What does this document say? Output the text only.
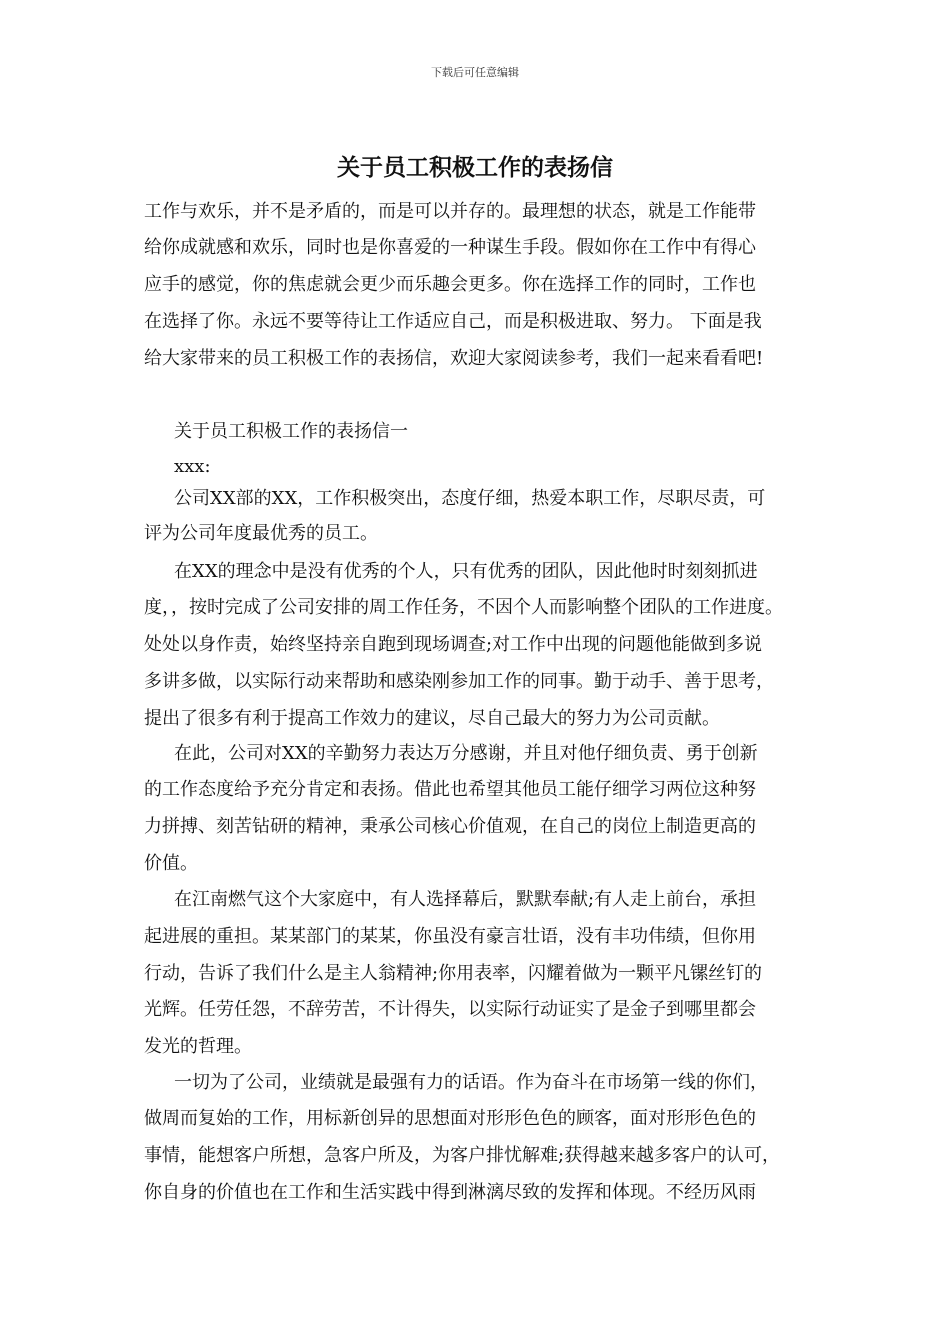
下载后可任意编辑
关于员工积极工作的表扬信
工作与欢乐，并不是矛盾的，而是可以并存的。最理想的状态，就是工作能带
给你成就感和欢乐，同时也是你喜爱的一种谋生手段。假如你在工作中有得心
应手的感觉，你的焦虑就会更少而乐趣会更多。你在选择工作的同时，工作也
在选择了你。永远不要等待让工作适应自己，而是积极进取、努力。 下面是我
给大家带来的员工积极工作的表扬信，欢迎大家阅读参考，我们一起来看看吧!
关于员工积极工作的表扬信一
xxx:
公司XX部的XX，工作积极突出，态度仔细，热爱本职工作，尽职尽责，可
评为公司年度最优秀的员工。
在XX的理念中是没有优秀的个人，只有优秀的团队，因此他时时刻刻抓进
度，，按时完成了公司安排的周工作任务，不因个人而影响整个团队的工作进度。
处处以身作责，始终坚持亲自跑到现场调查;对工作中出现的问题他能做到多说
多讲多做，以实际行动来帮助和感染刚参加工作的同事。勤于动手、善于思考，
提出了很多有利于提高工作效力的建议，尽自己最大的努力为公司贡献。
在此，公司对XX的辛勤努力表达万分感谢，并且对他仔细负责、勇于创新
的工作态度给予充分肯定和表扬。借此也希望其他员工能仔细学习两位这种努
力拼搏、刻苦钻研的精神，秉承公司核心价值观，在自己的岗位上制造更高的
价值。
在江南燃气这个大家庭中，有人选择幕后，默默奉献;有人走上前台，承担
起进展的重担。某某部门的某某，你虽没有豪言壮语，没有丰功伟绩，但你用
行动，告诉了我们什么是主人翁精神;你用表率，闪耀着做为一颗平凡镙丝钉的
光辉。任劳任怨，不辞劳苦，不计得失，以实际行动证实了是金子到哪里都会
发光的哲理。
一切为了公司，业绩就是最强有力的话语。作为奋斗在市场第一线的你们，
做周而复始的工作，用标新创异的思想面对形形色色的顾客，面对形形色色的
事情，能想客户所想，急客户所及，为客户排忧解难;获得越来越多客户的认可，
你自身的价值也在工作和生活实践中得到淋漓尽致的发挥和体现。不经历风雨
